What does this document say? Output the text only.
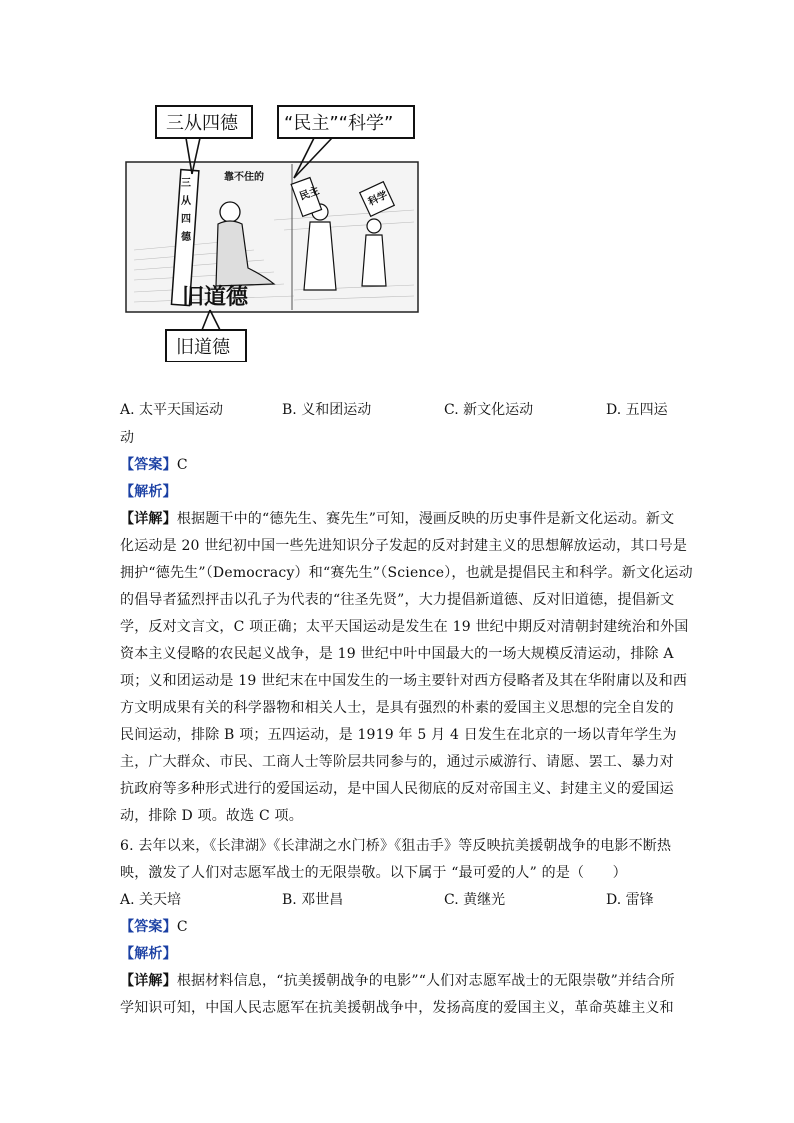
三从四德
靠不住的
旧道德
民主	科学
三从四德	“民主”“科学”
旧道德
A. 太平天国运动	B. 义和团运动	C. 新文化运动	D. 五四运
动
【答案】C
【解析】
【详解】根据题干中的“德先生、赛先生”可知，漫画反映的历史事件是新文化运动。新文
化运动是 20 世纪初中国一些先进知识分子发起的反对封建主义的思想解放运动，其口号是
拥护“德先生”（Democracy）和“赛先生”（Science），也就是提倡民主和科学。新文化运动
的倡导者猛烈抨击以孔子为代表的“往圣先贤”，大力提倡新道德、反对旧道德，提倡新文
学，反对文言文，C 项正确；太平天国运动是发生在 19 世纪中期反对清朝封建统治和外国
资本主义侵略的农民起义战争，是 19 世纪中叶中国最大的一场大规模反清运动，排除 A
项；义和团运动是 19 世纪末在中国发生的一场主要针对西方侵略者及其在华附庸以及和西
方文明成果有关的科学器物和相关人士，是具有强烈的朴素的爱国主义思想的完全自发的
民间运动，排除 B 项；五四运动，是 1919 年 5 月 4 日发生在北京的一场以青年学生为
主，广大群众、市民、工商人士等阶层共同参与的，通过示威游行、请愿、罢工、暴力对
抗政府等多种形式进行的爱国运动，是中国人民彻底的反对帝国主义、封建主义的爱国运
动，排除 D 项。故选 C 项。
6. 去年以来，《长津湖》《长津湖之水门桥》《狙击手》等反映抗美援朝战争的电影不断热
映，激发了人们对志愿军战士的无限崇敬。以下属于 “最可爱的人” 的是（　　）
A. 关天培	B. 邓世昌	C. 黄继光	D. 雷锋
【答案】C
【解析】
【详解】根据材料信息，“抗美援朝战争的电影”“人们对志愿军战士的无限崇敬”并结合所
学知识可知，中国人民志愿军在抗美援朝战争中，发扬高度的爱国主义，革命英雄主义和
